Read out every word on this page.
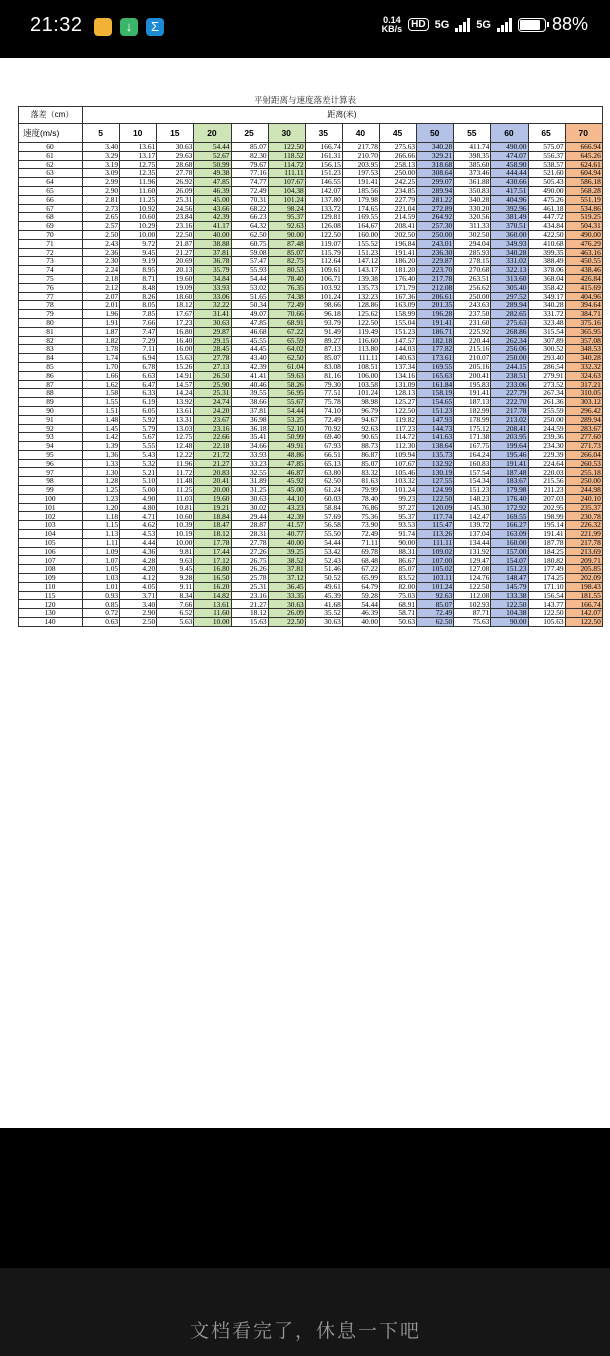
21:32	↓	Σ	0.14
KB/s HD 5G 5G	88%
平射距离与速度落差计算表
落差（cm）	距离(米)													
速度(m/s)	5	10	15	20	25	30	35	40	45	50	55	60	65	70
60	3.40	13.61	30.63	54.44	85.07	122.50	166.74	217.78	275.63	340.28	411.74	490.00	575.07	666.94
61	3.29	13.17	29.63	52.67	82.30	118.52	161.31	210.70	266.66	329.21	398.35	474.07	556.37	645.26
62	3.19	12.75	28.68	50.99	79.67	114.72	156.15	203.95	258.13	318.68	385.60	458.90	538.57	624.61
63	3.09	12.35	27.78	49.38	77.16	111.11	151.23	197.53	250.00	308.64	373.46	444.44	521.60	604.94
64	2.99	11.96	26.92	47.85	74.77	107.67	146.55	191.41	242.25	299.07	361.88	430.66	505.43	586.18
65	2.90	11.60	26.09	46.39	72.49	104.38	142.07	185.56	234.85	289.94	350.83	417.51	490.00	568.28
66	2.81	11.25	25.31	45.00	70.31	101.24	137.80	179.98	227.79	281.22	340.28	404.96	475.26	551.19
67	2.73	10.92	24.56	43.66	68.22	98.24	133.72	174.65	221.04	272.89	330.20	392.96	461.18	534.86
68	2.65	10.60	23.84	42.39	66.23	95.37	129.81	169.55	214.59	264.92	320.56	381.49	447.72	519.25
69	2.57	10.29	23.16	41.17	64.32	92.63	126.08	164.67	208.41	257.30	311.33	370.51	434.84	504.31
70	2.50	10.00	22.50	40.00	62.50	90.00	122.50	160.00	202.50	250.00	302.50	360.00	422.50	490.00
71	2.43	9.72	21.87	38.88	60.75	87.48	119.07	155.52	196.84	243.01	294.04	349.93	410.68	476.29
72	2.36	9.45	21.27	37.81	59.08	85.07	115.79	151.23	191.41	236.30	285.93	340.28	399.35	463.16
73	2.30	9.19	20.69	36.78	57.47	82.75	112.64	147.12	186.20	229.87	278.15	331.02	388.49	450.55
74	2.24	8.95	20.13	35.79	55.93	80.53	109.61	143.17	181.20	223.70	270.68	322.13	378.06	438.46
75	2.18	8.71	19.60	34.84	54.44	78.40	106.71	139.38	176.40	217.78	263.51	313.60	368.04	426.84
76	2.12	8.48	19.09	33.93	53.02	76.35	103.92	135.73	171.79	212.08	256.62	305.40	358.42	415.69
77	2.07	8.26	18.60	33.06	51.65	74.38	101.24	132.23	167.36	206.61	250.00	297.52	349.17	404.96
78	2.01	8.05	18.12	32.22	50.34	72.49	98.66	128.86	163.09	201.35	243.63	289.94	340.28	394.64
79	1.96	7.85	17.67	31.41	49.07	70.66	96.18	125.62	158.99	196.28	237.50	282.65	331.72	384.71
80	1.91	7.66	17.23	30.63	47.85	68.91	93.79	122.50	155.04	191.41	231.60	275.63	323.48	375.16
81	1.87	7.47	16.80	29.87	46.68	67.22	91.49	119.49	151.23	186.71	225.92	268.86	315.54	365.95
82	1.82	7.29	16.40	29.15	45.55	65.59	89.27	116.60	147.57	182.18	220.44	262.34	307.89	357.08
83	1.78	7.11	16.00	28.45	44.45	64.02	87.13	113.80	144.03	177.82	215.16	256.06	300.52	348.53
84	1.74	6.94	15.63	27.78	43.40	62.50	85.07	111.11	140.63	173.61	210.07	250.00	293.40	340.28
85	1.70	6.78	15.26	27.13	42.39	61.04	83.08	108.51	137.34	169.55	205.16	244.15	286.54	332.32
86	1.66	6.63	14.91	26.50	41.41	59.63	81.16	106.00	134.16	165.63	200.41	238.51	279.91	324.63
87	1.62	6.47	14.57	25.90	40.46	58.26	79.30	103.58	131.09	161.84	195.83	233.06	273.52	317.21
88	1.58	6.33	14.24	25.31	39.55	56.95	77.51	101.24	128.13	158.19	191.41	227.79	267.34	310.05
89	1.55	6.19	13.92	24.74	38.66	55.67	75.78	98.98	125.27	154.65	187.13	222.70	261.36	303.12
90	1.51	6.05	13.61	24.20	37.81	54.44	74.10	96.79	122.50	151.23	182.99	217.78	255.59	296.42
91	1.48	5.92	13.31	23.67	36.98	53.25	72.49	94.67	119.82	147.93	178.99	213.02	250.00	289.94
92	1.45	5.79	13.03	23.16	36.18	52.10	70.92	92.63	117.23	144.73	175.12	208.41	244.59	283.67
93	1.42	5.67	12.75	22.66	35.41	50.99	69.40	90.65	114.72	141.63	171.38	203.95	239.36	277.60
94	1.39	5.55	12.48	22.18	34.66	49.91	67.93	88.73	112.30	138.64	167.75	199.64	234.30	271.73
95	1.36	5.43	12.22	21.72	33.93	48.86	66.51	86.87	109.94	135.73	164.24	195.46	229.39	266.04
96	1.33	5.32	11.96	21.27	33.23	47.85	65.13	85.07	107.67	132.92	160.83	191.41	224.64	260.53
97	1.30	5.21	11.72	20.83	32.55	46.87	63.80	83.32	105.46	130.19	157.54	187.48	220.03	255.18
98	1.28	5.10	11.48	20.41	31.89	45.92	62.50	81.63	103.32	127.55	154.34	183.67	215.56	250.00
99	1.25	5.00	11.25	20.00	31.25	45.00	61.24	79.99	101.24	124.99	151.23	179.98	211.23	244.98
100	1.23	4.90	11.03	19.60	30.63	44.10	60.03	78.40	99.23	122.50	148.23	176.40	207.03	240.10
101	1.20	4.80	10.81	19.21	30.02	43.23	58.84	76.86	97.27	120.09	145.30	172.92	202.95	235.37
102	1.18	4.71	10.60	18.84	29.44	42.39	57.69	75.36	95.37	117.74	142.47	169.55	198.99	230.78
103	1.15	4.62	10.39	18.47	28.87	41.57	56.58	73.90	93.53	115.47	139.72	166.27	195.14	226.32
104	1.13	4.53	10.19	18.12	28.31	40.77	55.50	72.49	91.74	113.26	137.04	163.09	191.41	221.99
105	1.11	4.44	10.00	17.78	27.78	40.00	54.44	71.11	90.00	111.11	134.44	160.00	187.78	217.78
106	1.09	4.36	9.81	17.44	27.26	39.25	53.42	69.78	88.31	109.02	131.92	157.00	184.25	213.69
107	1.07	4.28	9.63	17.12	26.75	38.52	52.43	68.48	86.67	107.00	129.47	154.07	180.82	209.71
108	1.05	4.20	9.45	16.80	26.26	37.81	51.46	67.22	85.07	105.02	127.08	151.23	177.49	205.85
109	1.03	4.12	9.28	16.50	25.78	37.12	50.52	65.99	83.52	103.11	124.76	148.47	174.25	202.09
110	1.01	4.05	9.11	16.20	25.31	36.45	49.61	64.79	82.00	101.24	122.50	145.79	171.10	198.43
115	0.93	3.71	8.34	14.82	23.16	33.35	45.39	59.28	75.03	92.63	112.08	133.38	156.54	181.55
120	0.85	3.40	7.66	13.61	21.27	30.63	41.68	54.44	68.91	85.07	102.93	122.50	143.77	166.74
130	0.72	2.90	6.52	11.60	18.12	26.09	35.52	46.39	58.71	72.49	87.71	104.38	122.50	142.07
140	0.63	2.50	5.63	10.00	15.63	22.50	30.63	40.00	50.63	62.50	75.63	90.00	105.63	122.50
文档看完了，休息一下吧
